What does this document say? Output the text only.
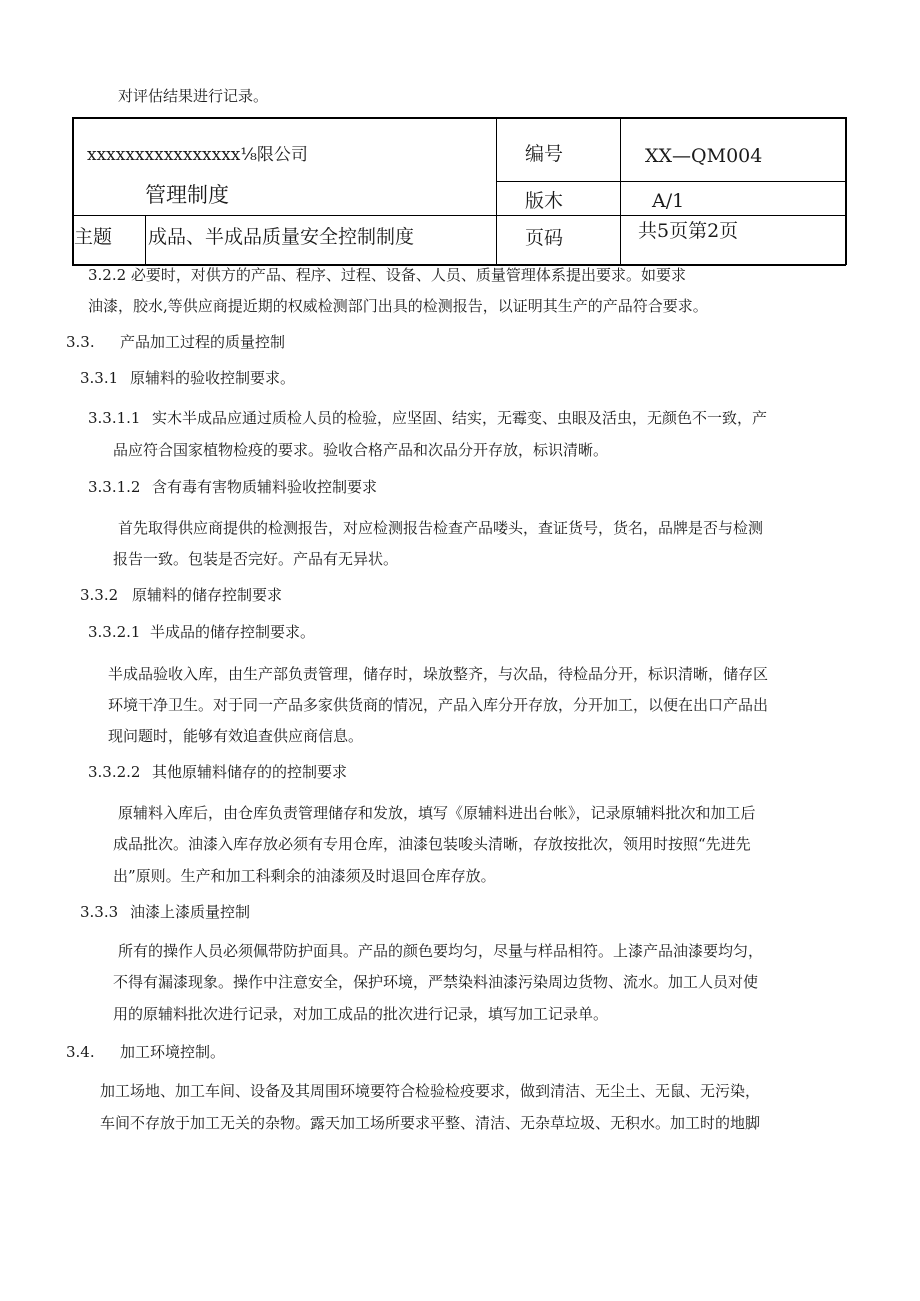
对评估结果进行记录。
xxxxxxxxxxxxxxxx⅛限公司
管理制度
编号	XX—QM004
版木	A/1
主题 成品、半成品质量安全控制制度	页码	共5页第2页
3.2.2 必要时，对供方的产品、程序、过程、设备、人员、质量管理体系提出要求。如要求
油漆，胶水,等供应商提近期的权威检测部门出具的检测报告，以证明其生产的产品符合要求。
3.3. 产品加工过程的质量控制
3.3.1 原辅料的验收控制要求。
3.3.1.1 实木半成品应通过质检人员的检验，应坚固、结实，无霉变、虫眼及活虫，无颜色不一致，产
品应符合国家植物检疫的要求。验收合格产品和次品分开存放，标识清晰。
3.3.1.2 含有毒有害物质辅料验收控制要求
首先取得供应商提供的检测报告，对应检测报告检查产品喽头，查证货号，货名，品牌是否与检测
报告一致。包装是否完好。产品有无异状。
3.3.2 原辅料的储存控制要求
3.3.2.1 半成品的储存控制要求。
半成品验收入库，由生产部负责管理，储存时，垛放整齐，与次品，待检品分开，标识清晰，储存区
环境干净卫生。对于同一产品多家供货商的情况，产品入库分开存放，分开加工，以便在出口产品出
现问题时，能够有效追查供应商信息。
3.3.2.2 其他原辅料储存的的控制要求
原辅料入库后，由仓库负责管理储存和发放，填写《原辅料进出台帐》，记录原辅料批次和加工后
成品批次。油漆入库存放必须有专用仓库，油漆包装唆头清晰，存放按批次，领用时按照“先进先
出”原则。生产和加工科剩余的油漆须及时退回仓库存放。
3.3.3 油漆上漆质量控制
所有的操作人员必须佩带防护面具。产品的颜色要均匀，尽量与样品相符。上漆产品油漆要均匀，
不得有漏漆现象。操作中注意安全，保护环境，严禁染料油漆污染周边货物、流水。加工人员对使
用的原辅料批次进行记录，对加工成品的批次进行记录，填写加工记录单。
3.4. 加工环境控制。
加工场地、加工车间、设备及其周围环境要符合检验检疫要求，做到清洁、无尘土、无鼠、无污染，
车间不存放于加工无关的杂物。露天加工场所要求平整、清洁、无杂草垃圾、无积水。加工时的地脚
